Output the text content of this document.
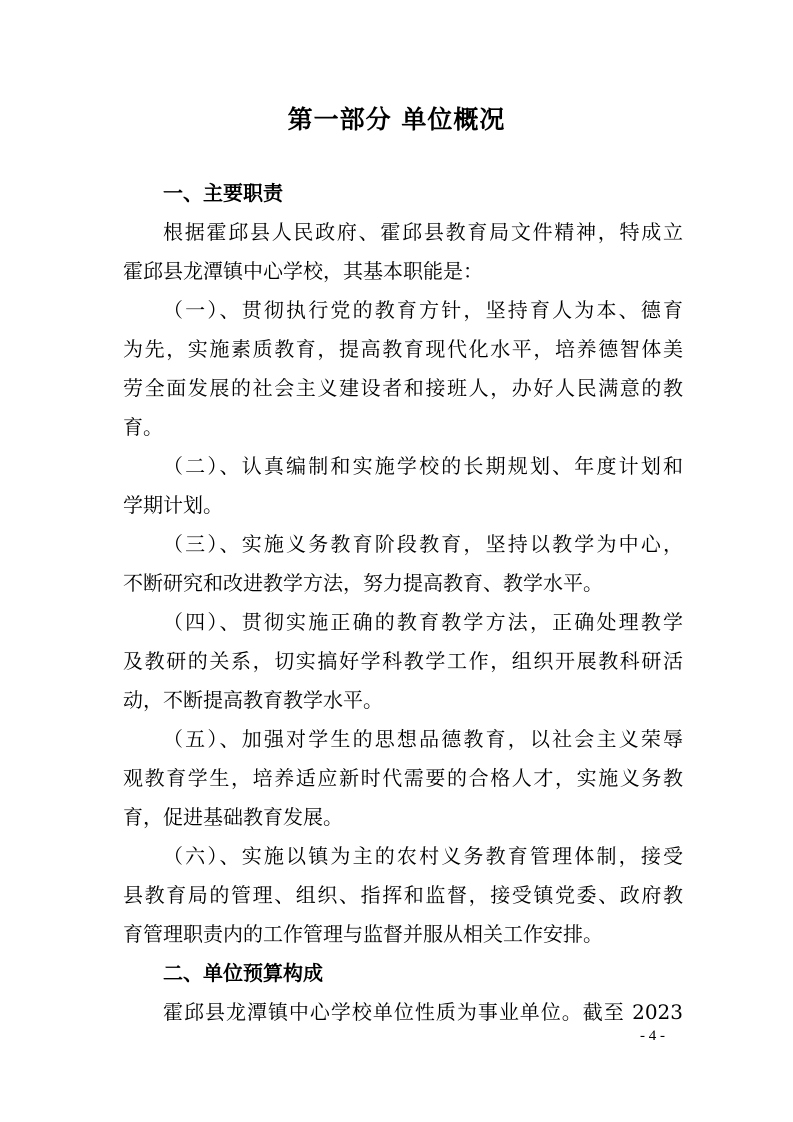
第一部分 单位概况
一、主要职责
根据霍邱县人民政府、霍邱县教育局文件精神，特成立
霍邱县龙潭镇中心学校，其基本职能是：
（一）、贯彻执行党的教育方针，坚持育人为本、德育
为先，实施素质教育，提高教育现代化水平，培养德智体美
劳全面发展的社会主义建设者和接班人，办好人民满意的教
育。
（二）、认真编制和实施学校的长期规划、年度计划和
学期计划。
（三）、实施义务教育阶段教育，坚持以教学为中心，
不断研究和改进教学方法，努力提高教育、教学水平。
（四）、贯彻实施正确的教育教学方法，正确处理教学
及教研的关系，切实搞好学科教学工作，组织开展教科研活
动，不断提高教育教学水平。
（五）、加强对学生的思想品德教育，以社会主义荣辱
观教育学生，培养适应新时代需要的合格人才，实施义务教
育，促进基础教育发展。
（六）、实施以镇为主的农村义务教育管理体制，接受
县教育局的管理、组织、指挥和监督，接受镇党委、政府教
育管理职责内的工作管理与监督并服从相关工作安排。
二、单位预算构成
霍邱县龙潭镇中心学校单位性质为事业单位。截至 2023
- 4 -
